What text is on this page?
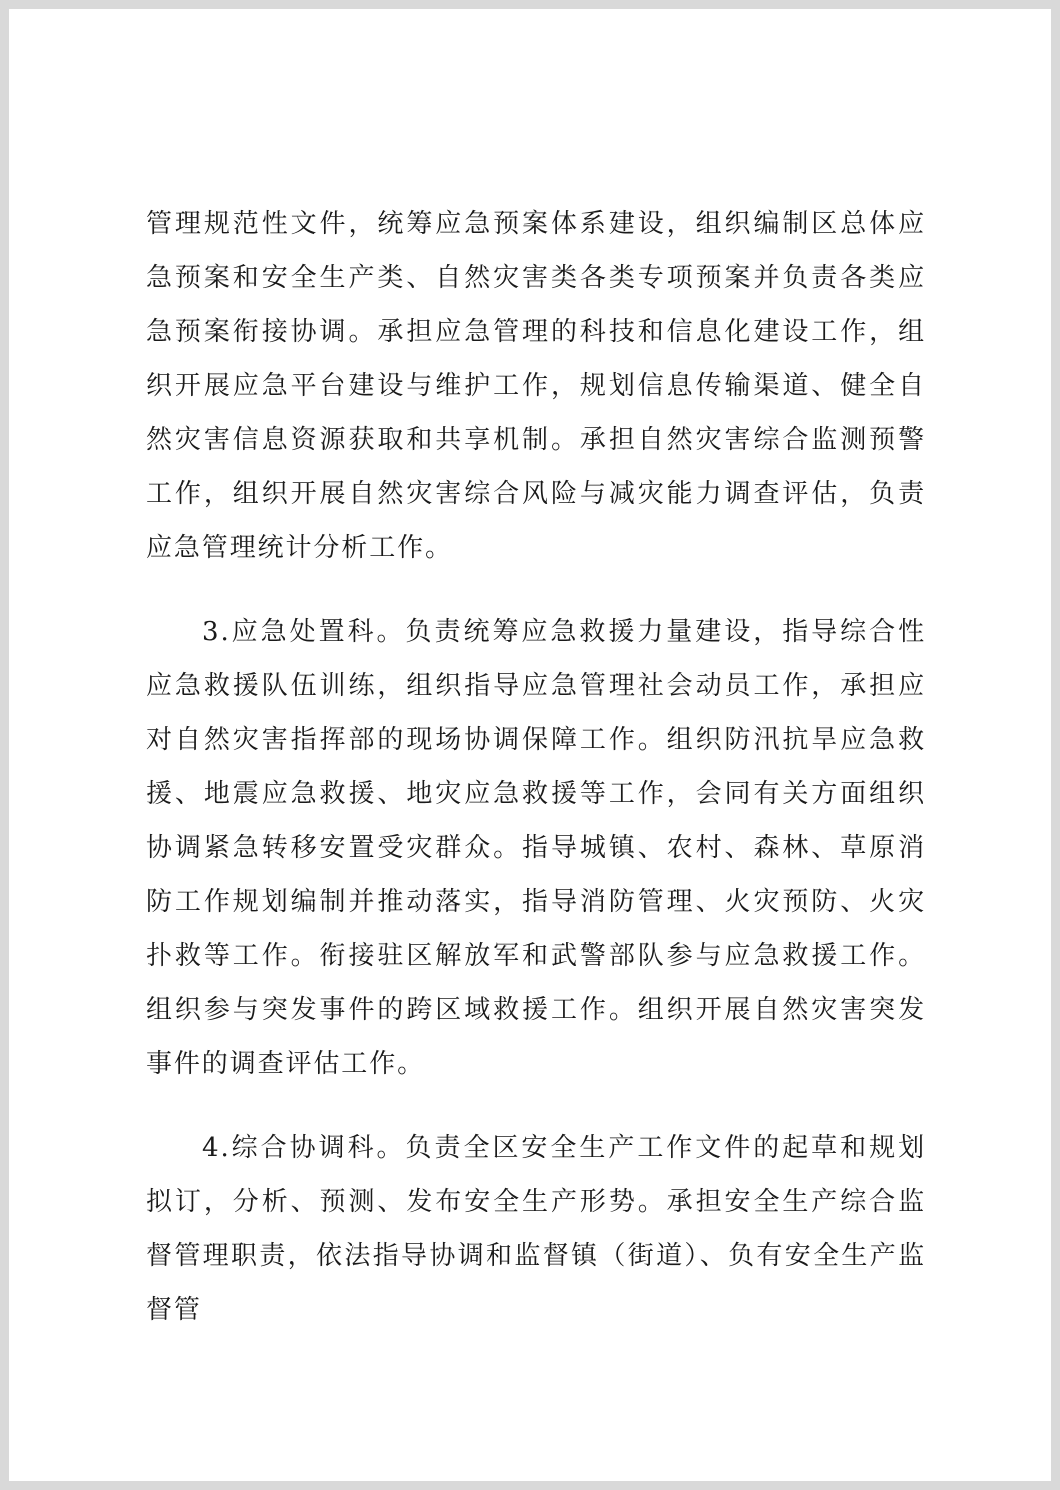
管理规范性文件，统筹应急预案体系建设，组织编制区总体应急预案和安全生产类、自然灾害类各类专项预案并负责各类应急预案衔接协调。承担应急管理的科技和信息化建设工作，组织开展应急平台建设与维护工作，规划信息传输渠道、健全自然灾害信息资源获取和共享机制。承担自然灾害综合监测预警工作，组织开展自然灾害综合风险与减灾能力调查评估，负责应急管理统计分析工作。

3.应急处置科。负责统筹应急救援力量建设，指导综合性应急救援队伍训练，组织指导应急管理社会动员工作，承担应对自然灾害指挥部的现场协调保障工作。组织防汛抗旱应急救援、地震应急救援、地灾应急救援等工作，会同有关方面组织协调紧急转移安置受灾群众。指导城镇、农村、森林、草原消防工作规划编制并推动落实，指导消防管理、火灾预防、火灾扑救等工作。衔接驻区解放军和武警部队参与应急救援工作。组织参与突发事件的跨区域救援工作。组织开展自然灾害突发事件的调查评估工作。

4.综合协调科。负责全区安全生产工作文件的起草和规划拟订，分析、预测、发布安全生产形势。承担安全生产综合监督管理职责，依法指导协调和监督镇（街道）、负有安全生产监督管
